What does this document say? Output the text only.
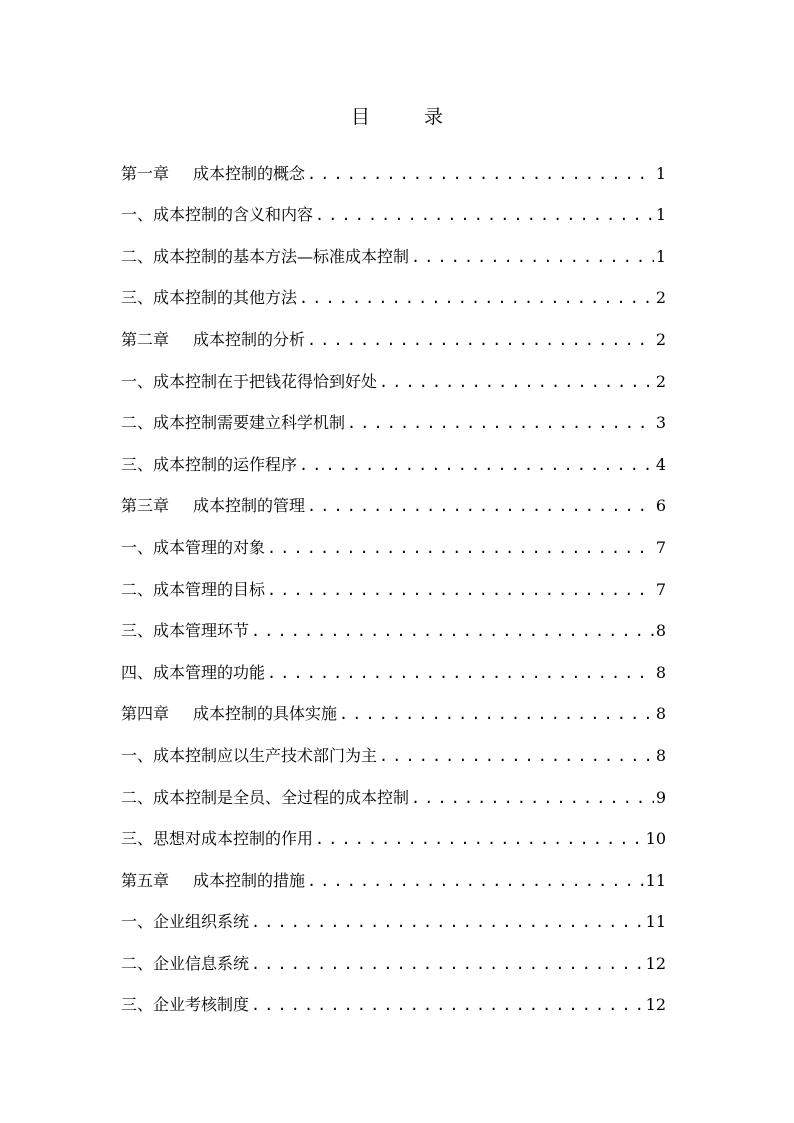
目 录
第一章 成本控制的概念 .....	1
一、成本控制的含义和内容 .....	1
二、成本控制的基本方法—标准成本控制 .....	1
三、成本控制的其他方法 .....	2
第二章 成本控制的分析 .....	2
一、成本控制在于把钱花得恰到好处 .....	2
二、成本控制需要建立科学机制 .....	3
三、成本控制的运作程序 .....	4
第三章 成本控制的管理 .....	6
一、成本管理的对象 .....	7
二、成本管理的目标 .....	7
三、成本管理环节 .....	8
四、成本管理的功能 .....	8
第四章 成本控制的具体实施 .....	8
一、成本控制应以生产技术部门为主 .....	8
二、成本控制是全员、全过程的成本控制 .....	9
三、思想对成本控制的作用 .....	10
第五章 成本控制的措施 .....	11
一、企业组织系统 .....	11
二、企业信息系统 .....	12
三、企业考核制度 .....	12
